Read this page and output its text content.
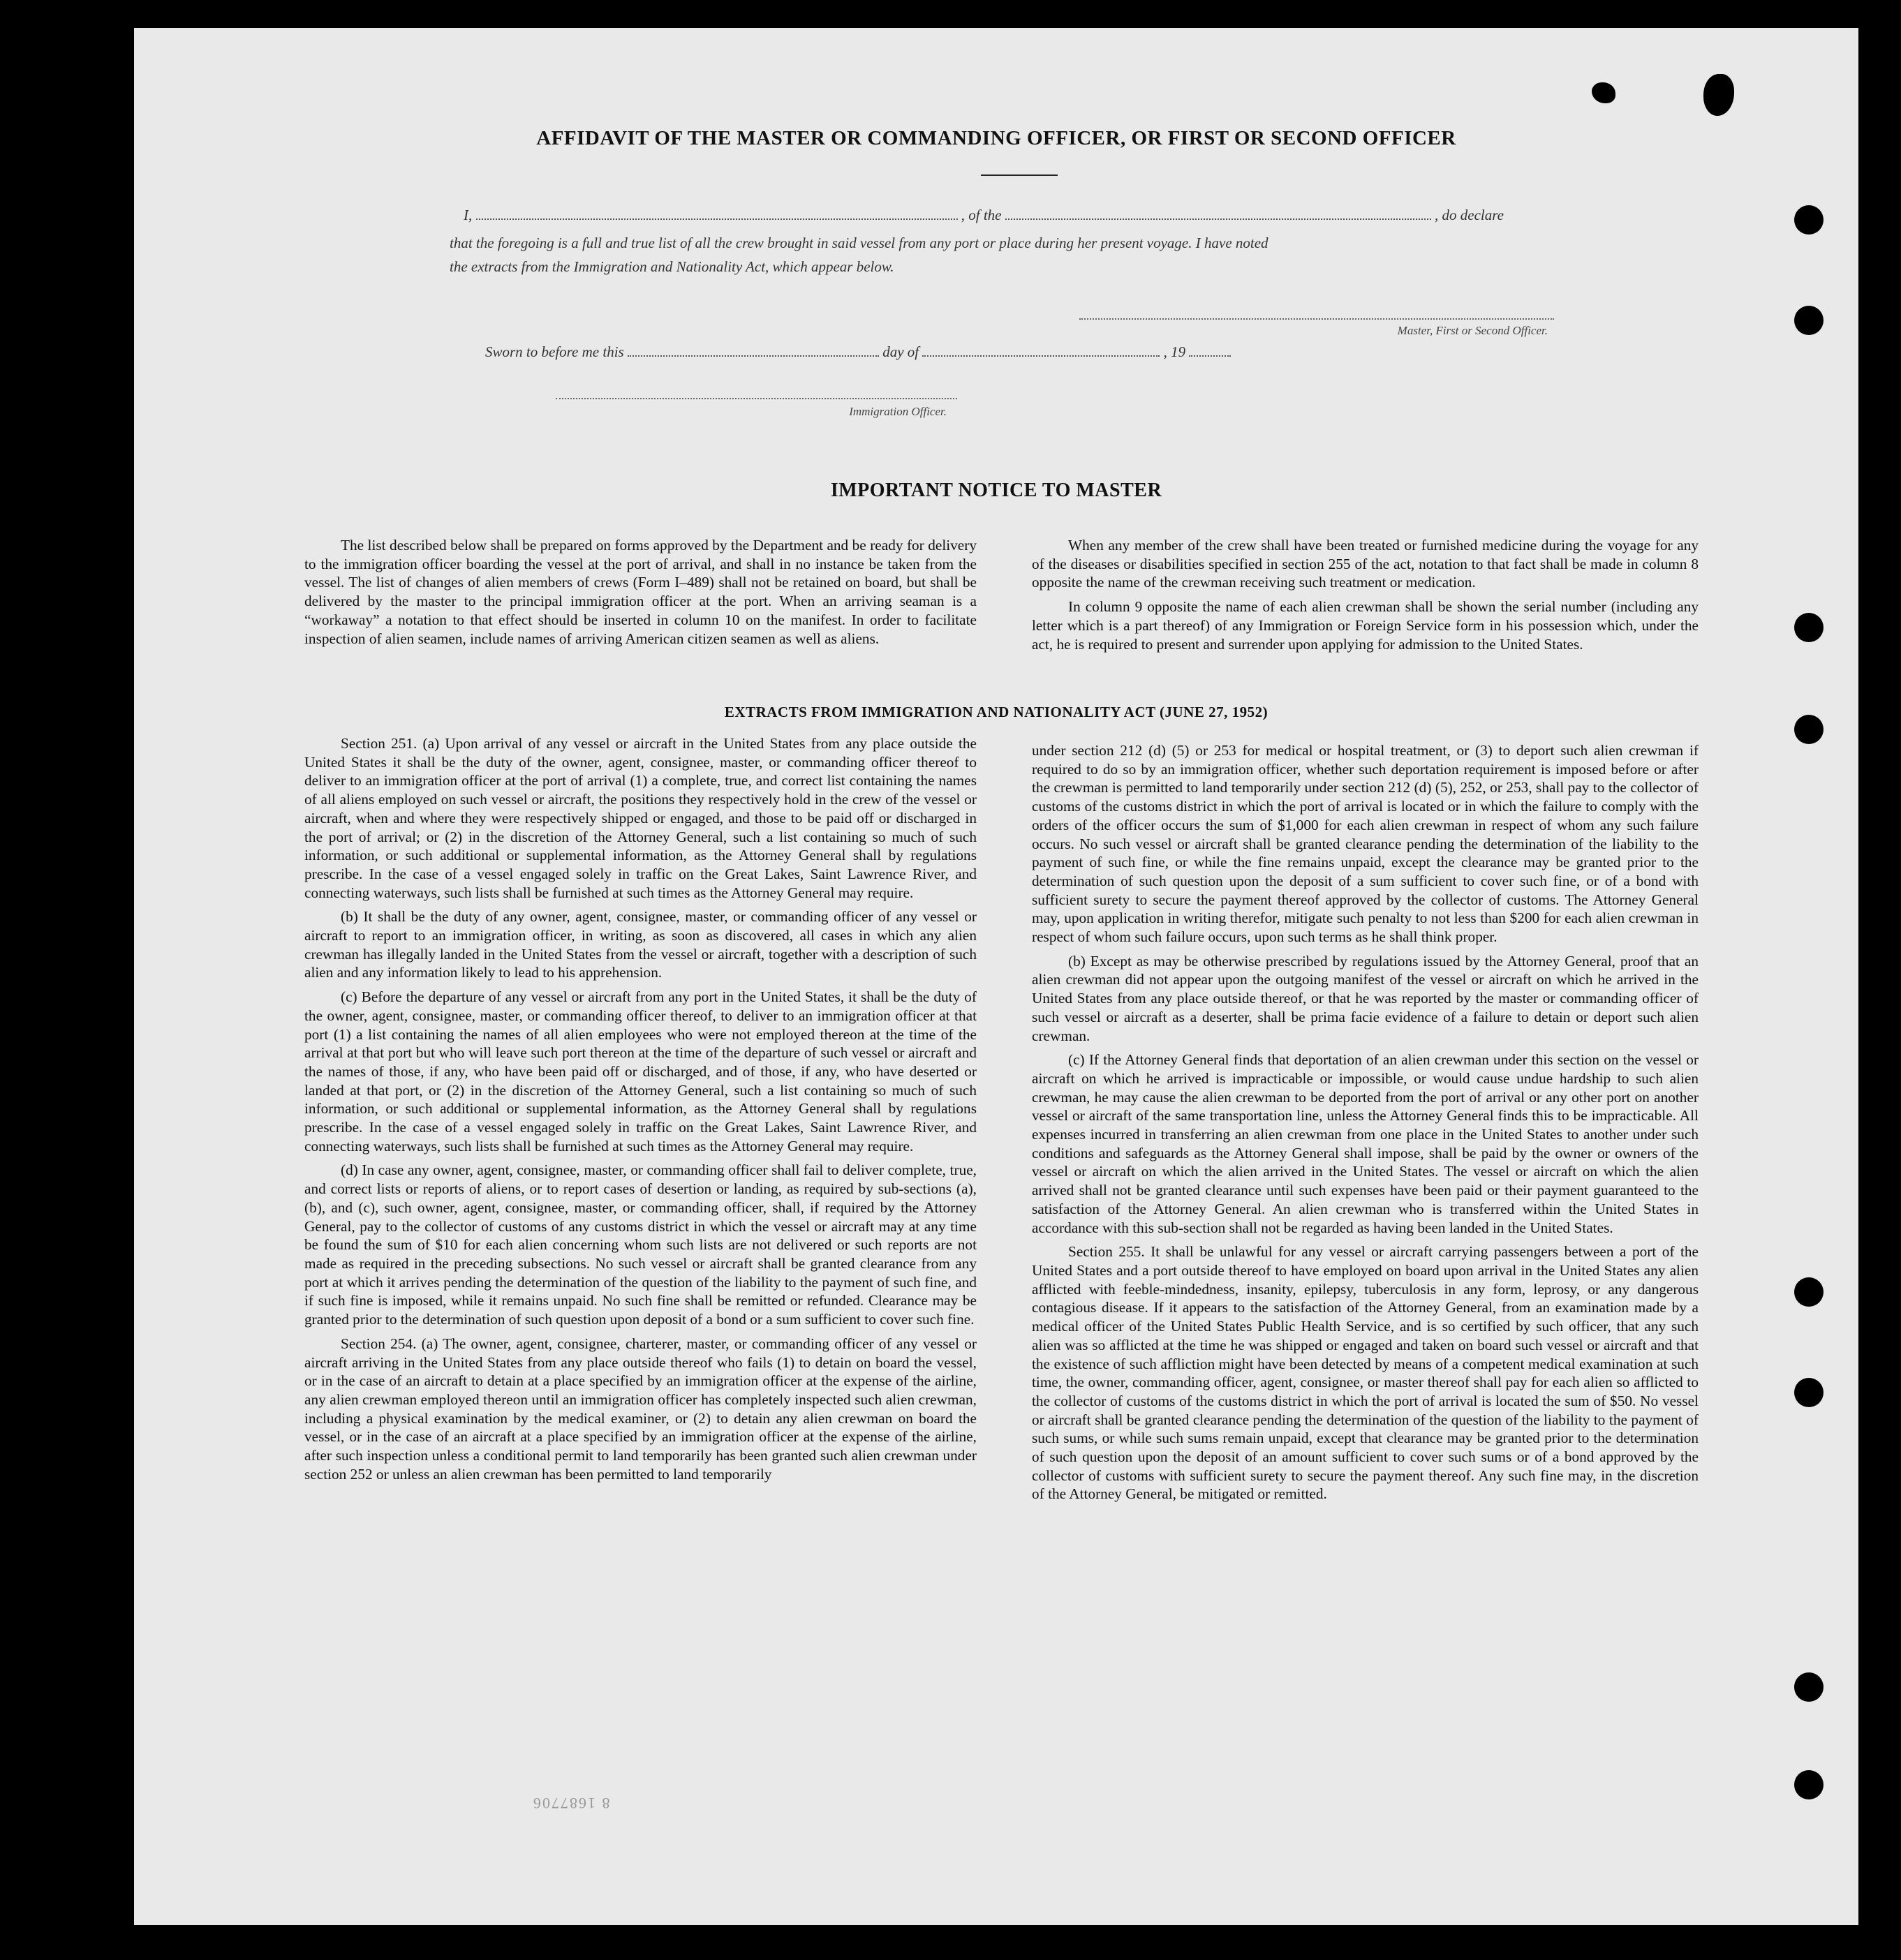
AFFIDAVIT OF THE MASTER OR COMMANDING OFFICER, OR FIRST OR SECOND OFFICER
I,	, of the	, do declare
that the foregoing is a full and true list of all the crew brought in said vessel from any port or place during her present voyage. I have noted
the extracts from the Immigration and Nationality Act, which appear below.
Master, First or Second Officer.
Sworn to before me this	day of	, 19
Immigration Officer.
IMPORTANT NOTICE TO MASTER

The list described below shall be prepared on forms approved by the Department and be ready for delivery to the immigration officer boarding the vessel at the port of arrival, and shall in no instance be taken from the vessel. The list of changes of alien members of crews (Form I–489) shall not be retained on board, but shall be delivered by the master to the principal immigration officer at the port. When an arriving seaman is a “workaway” a notation to that effect should be inserted in column 10 on the manifest. In order to facilitate inspection of alien seamen, include names of arriving American citizen seamen as well as aliens.

When any member of the crew shall have been treated or furnished medicine during the voyage for any of the diseases or disabilities specified in section 255 of the act, notation to that fact shall be made in column 8 opposite the name of the crewman receiving such treatment or medication.

In column 9 opposite the name of each alien crewman shall be shown the serial number (including any letter which is a part thereof) of any Immigration or Foreign Service form in his possession which, under the act, he is required to present and surrender upon applying for admission to the United States.

EXTRACTS FROM IMMIGRATION AND NATIONALITY ACT (JUNE 27, 1952)

Section 251. (a) Upon arrival of any vessel or aircraft in the United States from any place outside the United States it shall be the duty of the owner, agent, consignee, master, or commanding officer thereof to deliver to an immigration officer at the port of arrival (1) a complete, true, and correct list containing the names of all aliens employed on such vessel or aircraft, the positions they respectively hold in the crew of the vessel or aircraft, when and where they were respectively shipped or engaged, and those to be paid off or discharged in the port of arrival; or (2) in the discretion of the Attorney General, such a list containing so much of such information, or such additional or supplemental information, as the Attorney General shall by regulations prescribe. In the case of a vessel engaged solely in traffic on the Great Lakes, Saint Lawrence River, and connecting waterways, such lists shall be furnished at such times as the Attorney General may require.

(b) It shall be the duty of any owner, agent, consignee, master, or commanding officer of any vessel or aircraft to report to an immigration officer, in writing, as soon as discovered, all cases in which any alien crewman has illegally landed in the United States from the vessel or aircraft, together with a description of such alien and any information likely to lead to his apprehension.

(c) Before the departure of any vessel or aircraft from any port in the United States, it shall be the duty of the owner, agent, consignee, master, or commanding officer thereof, to deliver to an immigration officer at that port (1) a list containing the names of all alien employees who were not employed thereon at the time of the arrival at that port but who will leave such port thereon at the time of the departure of such vessel or aircraft and the names of those, if any, who have been paid off or discharged, and of those, if any, who have deserted or landed at that port, or (2) in the discretion of the Attorney General, such a list containing so much of such information, or such additional or supplemental information, as the Attorney General shall by regulations prescribe. In the case of a vessel engaged solely in traffic on the Great Lakes, Saint Lawrence River, and connecting waterways, such lists shall be furnished at such times as the Attorney General may require.

(d) In case any owner, agent, consignee, master, or commanding officer shall fail to deliver complete, true, and correct lists or reports of aliens, or to report cases of desertion or landing, as required by sub-sections (a), (b), and (c), such owner, agent, consignee, master, or commanding officer, shall, if required by the Attorney General, pay to the collector of customs of any customs district in which the vessel or aircraft may at any time be found the sum of $10 for each alien concerning whom such lists are not delivered or such reports are not made as required in the preceding subsections. No such vessel or aircraft shall be granted clearance from any port at which it arrives pending the determination of the question of the liability to the payment of such fine, and if such fine is imposed, while it remains unpaid. No such fine shall be remitted or refunded. Clearance may be granted prior to the determination of such question upon deposit of a bond or a sum sufficient to cover such fine.

Section 254. (a) The owner, agent, consignee, charterer, master, or commanding officer of any vessel or aircraft arriving in the United States from any place outside thereof who fails (1) to detain on board the vessel, or in the case of an aircraft to detain at a place specified by an immigration officer at the expense of the airline, any alien crewman employed thereon until an immigration officer has completely inspected such alien crewman, including a physical examination by the medical examiner, or (2) to detain any alien crewman on board the vessel, or in the case of an aircraft at a place specified by an immigration officer at the expense of the airline, after such inspection unless a conditional permit to land temporarily has been granted such alien crewman under section 252 or unless an alien crewman has been permitted to land temporarily

under section 212 (d) (5) or 253 for medical or hospital treatment, or (3) to deport such alien crewman if required to do so by an immigration officer, whether such deportation requirement is imposed before or after the crewman is permitted to land temporarily under section 212 (d) (5), 252, or 253, shall pay to the collector of customs of the customs district in which the port of arrival is located or in which the failure to comply with the orders of the officer occurs the sum of $1,000 for each alien crewman in respect of whom any such failure occurs. No such vessel or aircraft shall be granted clearance pending the determination of the liability to the payment of such fine, or while the fine remains unpaid, except the clearance may be granted prior to the determination of such question upon the deposit of a sum sufficient to cover such fine, or of a bond with sufficient surety to secure the payment thereof approved by the collector of customs. The Attorney General may, upon application in writing therefor, mitigate such penalty to not less than $200 for each alien crewman in respect of whom such failure occurs, upon such terms as he shall think proper.

(b) Except as may be otherwise prescribed by regulations issued by the Attorney General, proof that an alien crewman did not appear upon the outgoing manifest of the vessel or aircraft on which he arrived in the United States from any place outside thereof, or that he was reported by the master or commanding officer of such vessel or aircraft as a deserter, shall be prima facie evidence of a failure to detain or deport such alien crewman.

(c) If the Attorney General finds that deportation of an alien crewman under this section on the vessel or aircraft on which he arrived is impracticable or impossible, or would cause undue hardship to such alien crewman, he may cause the alien crewman to be deported from the port of arrival or any other port on another vessel or aircraft of the same transportation line, unless the Attorney General finds this to be impracticable. All expenses incurred in transferring an alien crewman from one place in the United States to another under such conditions and safeguards as the Attorney General shall impose, shall be paid by the owner or owners of the vessel or aircraft on which the alien arrived in the United States. The vessel or aircraft on which the alien arrived shall not be granted clearance until such expenses have been paid or their payment guaranteed to the satisfaction of the Attorney General. An alien crewman who is transferred within the United States in accordance with this sub-section shall not be regarded as having been landed in the United States.

Section 255. It shall be unlawful for any vessel or aircraft carrying passengers between a port of the United States and a port outside thereof to have employed on board upon arrival in the United States any alien afflicted with feeble-mindedness, insanity, epilepsy, tuberculosis in any form, leprosy, or any dangerous contagious disease. If it appears to the satisfaction of the Attorney General, from an examination made by a medical officer of the United States Public Health Service, and is so certified by such officer, that any such alien was so afflicted at the time he was shipped or engaged and taken on board such vessel or aircraft and that the existence of such affliction might have been detected by means of a competent medical examination at such time, the owner, commanding officer, agent, consignee, or master thereof shall pay for each alien so afflicted to the collector of customs of the customs district in which the port of arrival is located the sum of $50. No vessel or aircraft shall be granted clearance pending the determination of the question of the liability to the payment of such sums, or while such sums remain unpaid, except that clearance may be granted prior to the determination of such question upon the deposit of an amount sufficient to cover such sums or of a bond approved by the collector of customs with sufficient surety to secure the payment thereof. Any such fine may, in the discretion of the Attorney General, be mitigated or remitted.

8 1687706
